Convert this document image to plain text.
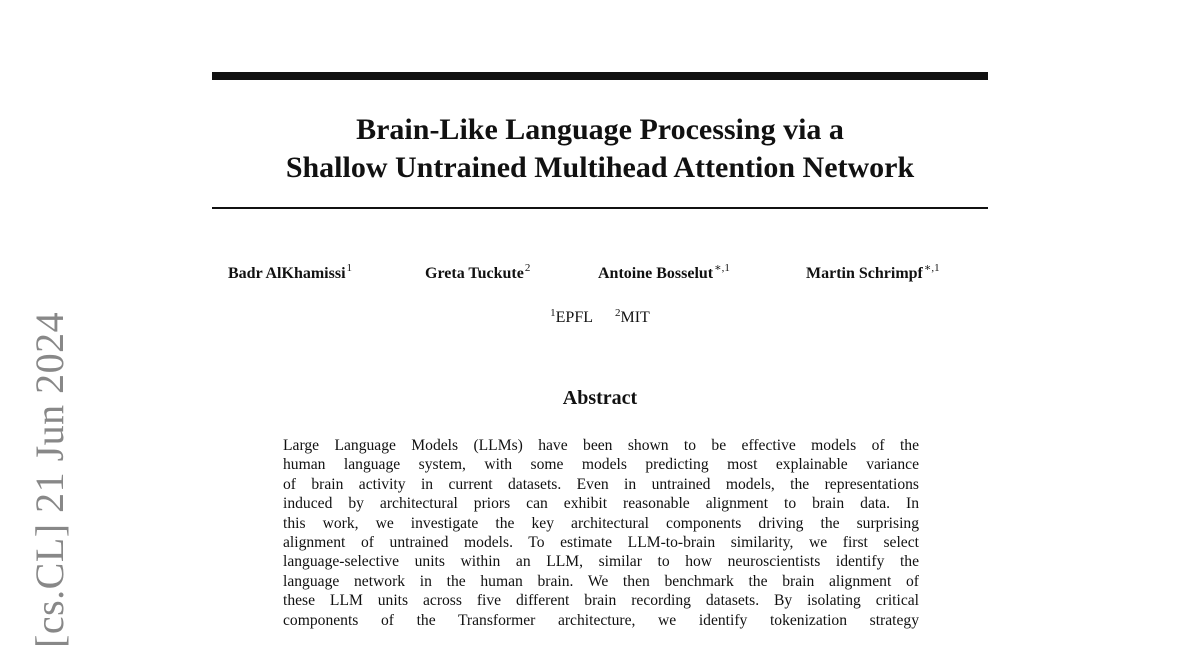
Brain-Like Language Processing via a
Shallow Untrained Multihead Attention Network
Badr AlKhamissi$^1$	Greta Tuckute$^2$	Antoine Bosselut$^{∗,1}$	Martin Schrimpf$^{∗,1}$
$^1$EPFL $^2$MIT
Abstract
Large Language Models (LLMs) have been shown to be effective models of the
human language system, with some models predicting most explainable variance
of brain activity in current datasets. Even in untrained models, the representations
induced by architectural priors can exhibit reasonable alignment to brain data. In
this work, we investigate the key architectural components driving the surprising
alignment of untrained models. To estimate LLM-to-brain similarity, we first select
language-selective units within an LLM, similar to how neuroscientists identify the
language network in the human brain. We then benchmark the brain alignment of
these LLM units across five different brain recording datasets. By isolating critical
components of the Transformer architecture, we identify tokenization strategy
[cs.CL] 21 Jun 2024
